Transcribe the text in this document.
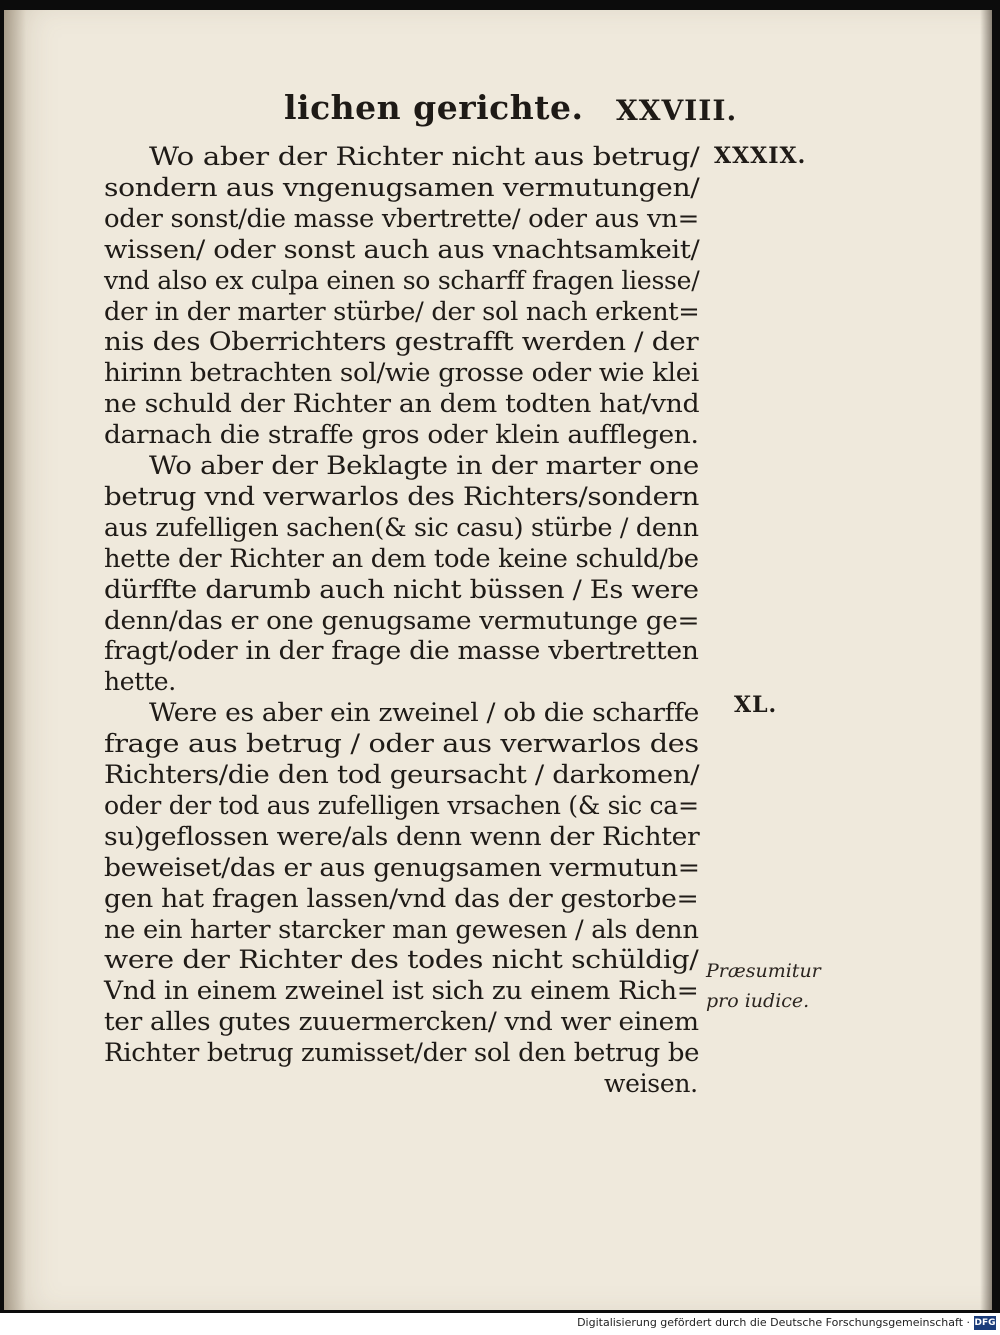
lichen gerichte. XXVIII.
Wo aber der Richter nicht aus betrug/
sondern aus vngenugsamen vermutungen/
oder sonst/die masse vbertrette/ oder aus vn=
wissen/ oder sonst auch aus vnachtsamkeit/
vnd also ex culpa einen so scharff fragen liesse/
der in der marter stürbe/ der sol nach erkent=
nis des Oberrichters gestrafft werden / der
hirinn betrachten sol/wie grosse oder wie klei
ne schuld der Richter an dem todten hat/vnd
darnach die straffe gros oder klein aufflegen.
Wo aber der Beklagte in der marter one
betrug vnd verwarlos des Richters/sondern
aus zufelligen sachen(& sic casu) stürbe / denn
hette der Richter an dem tode keine schuld/be
dürffte darumb auch nicht büssen / Es were
denn/das er one genugsame vermutunge ge=
fragt/oder in der frage die masse vbertretten
hette.
Were es aber ein zweinel / ob die scharffe
frage aus betrug / oder aus verwarlos des
Richters/die den tod geursacht / darkomen/
oder der tod aus zufelligen vrsachen (& sic ca=
su)geflossen were/als denn wenn der Richter
beweiset/das er aus genugsamen vermutun=
gen hat fragen lassen/vnd das der gestorbe=
ne ein harter starcker man gewesen / als denn
were der Richter des todes nicht schüldig/
Vnd in einem zweinel ist sich zu einem Rich=
ter alles gutes zuuermercken/ vnd wer einem
Richter betrug zumisset/der sol den betrug be
weisen.
XXXIX.
XL.
Præsumitur
pro iudice.
Digitalisierung gefördert durch die Deutsche Forschungsgemeinschaft · DFG
